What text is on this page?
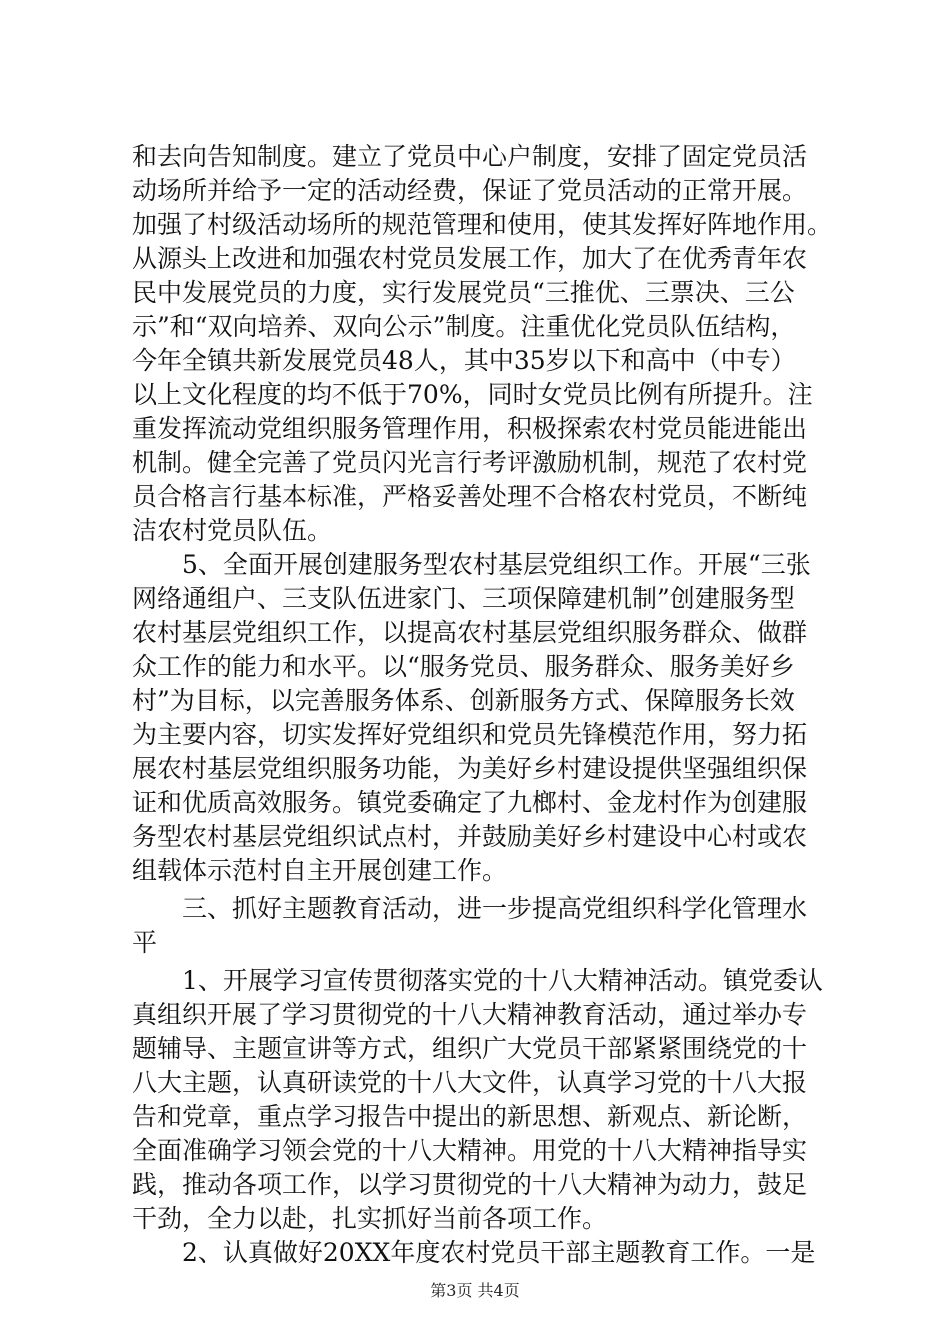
和去向告知制度。建立了党员中心户制度，安排了固定党员活
动场所并给予一定的活动经费，保证了党员活动的正常开展。
加强了村级活动场所的规范管理和使用，使其发挥好阵地作用。
从源头上改进和加强农村党员发展工作，加大了在优秀青年农
民中发展党员的力度，实行发展党员“三推优、三票决、三公
示”和“双向培养、双向公示”制度。注重优化党员队伍结构，
今年全镇共新发展党员48人，其中35岁以下和高中（中专）
以上文化程度的均不低于70%，同时女党员比例有所提升。注
重发挥流动党组织服务管理作用，积极探索农村党员能进能出
机制。健全完善了党员闪光言行考评激励机制，规范了农村党
员合格言行基本标准，严格妥善处理不合格农村党员，不断纯
洁农村党员队伍。
　　5、全面开展创建服务型农村基层党组织工作。开展“三张
网络通组户、三支队伍进家门、三项保障建机制”创建服务型
农村基层党组织工作，以提高农村基层党组织服务群众、做群
众工作的能力和水平。以“服务党员、服务群众、服务美好乡
村”为目标，以完善服务体系、创新服务方式、保障服务长效
为主要内容，切实发挥好党组织和党员先锋模范作用，努力拓
展农村基层党组织服务功能，为美好乡村建设提供坚强组织保
证和优质高效服务。镇党委确定了九榔村、金龙村作为创建服
务型农村基层党组织试点村，并鼓励美好乡村建设中心村或农
组载体示范村自主开展创建工作。
　　三、抓好主题教育活动，进一步提高党组织科学化管理水
平
　　1、开展学习宣传贯彻落实党的十八大精神活动。镇党委认
真组织开展了学习贯彻党的十八大精神教育活动，通过举办专
题辅导、主题宣讲等方式，组织广大党员干部紧紧围绕党的十
八大主题，认真研读党的十八大文件，认真学习党的十八大报
告和党章，重点学习报告中提出的新思想、新观点、新论断，
全面准确学习领会党的十八大精神。用党的十八大精神指导实
践，推动各项工作，以学习贯彻党的十八大精神为动力，鼓足
干劲，全力以赴，扎实抓好当前各项工作。
　　2、认真做好20XX年度农村党员干部主题教育工作。一是
第3页 共4页
